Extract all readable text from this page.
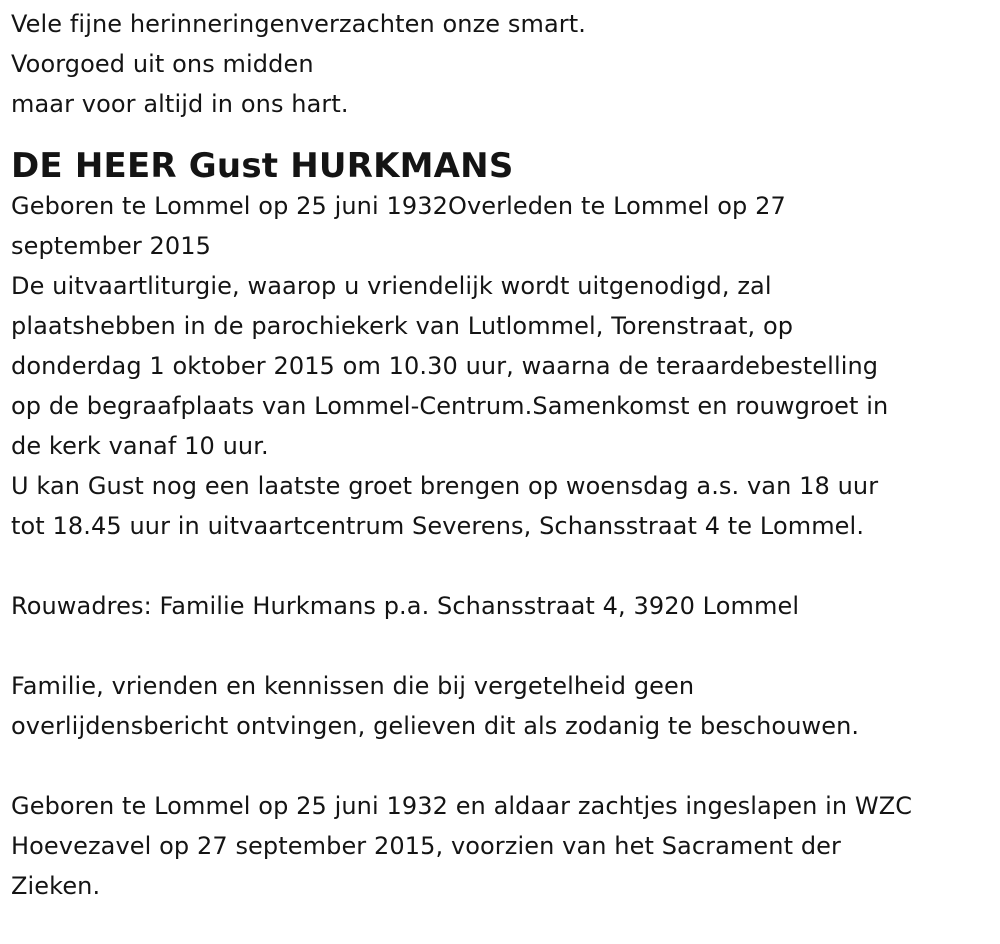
Vele fijne herinneringenverzachten onze smart.
Voorgoed uit ons midden
maar voor altijd in ons hart.
DE HEER Gust HURKMANS
Geboren te Lommel op 25 juni 1932Overleden te Lommel op 27
september 2015
De uitvaartliturgie, waarop u vriendelijk wordt uitgenodigd, zal
plaatshebben in de parochiekerk van Lutlommel, Torenstraat, op
donderdag 1 oktober 2015 om 10.30 uur, waarna de teraardebestelling
op de begraafplaats van Lommel-Centrum.Samenkomst en rouwgroet in
de kerk vanaf 10 uur.
U kan Gust nog een laatste groet brengen op woensdag a.s. van 18 uur
tot 18.45 uur in uitvaartcentrum Severens, Schansstraat 4 te Lommel.
Rouwadres: Familie Hurkmans p.a. Schansstraat 4, 3920 Lommel
Familie, vrienden en kennissen die bij vergetelheid geen
overlijdensbericht ontvingen, gelieven dit als zodanig te beschouwen.
Geboren te Lommel op 25 juni 1932 en aldaar zachtjes ingeslapen in WZC
Hoevezavel op 27 september 2015, voorzien van het Sacrament der
Zieken.
